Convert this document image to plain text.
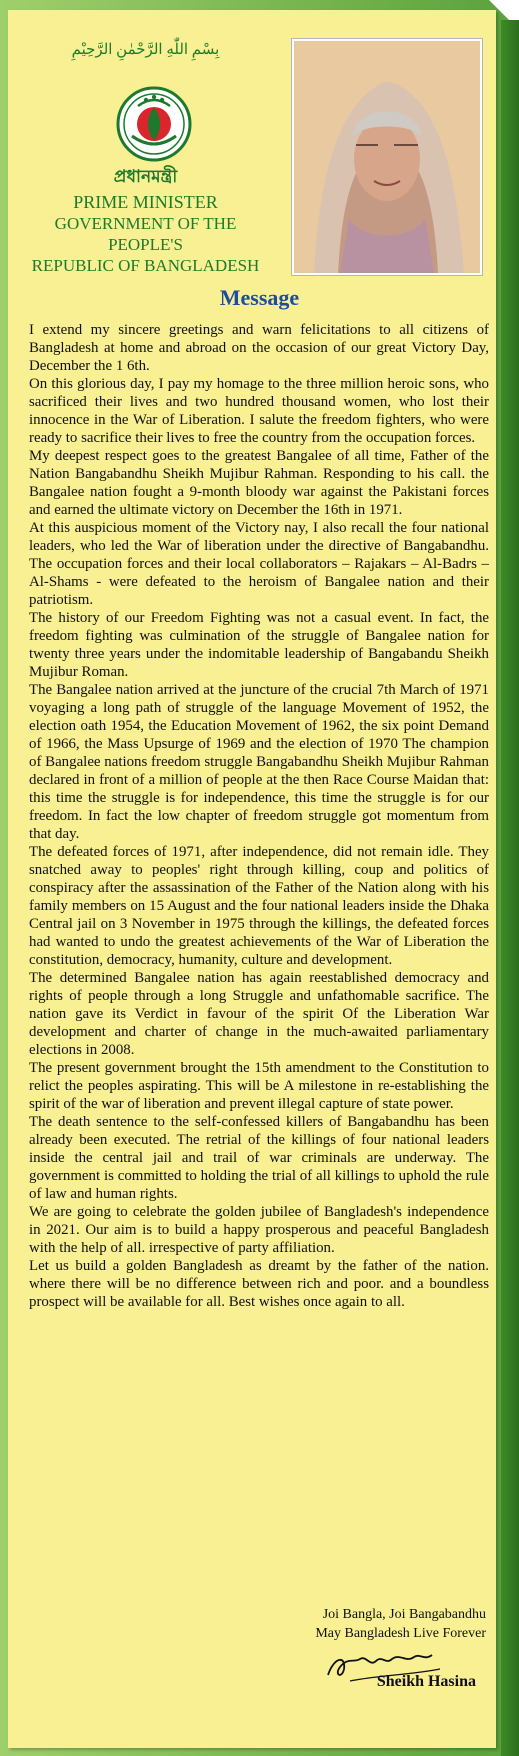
بِسْمِ اللّٰهِ الرَّحْمٰنِ الرَّحِيْمِ
প্রধানমন্ত্রী
PRIME MINISTER
GOVERNMENT OF THE PEOPLE'S
REPUBLIC OF BANGLADESH
Message

I extend my sincere greetings and warn felicitations to all citizens of Bangladesh at home and abroad on the occasion of our great Victory Day, December the 1 6th.

On this glorious day, I pay my homage to the three million heroic sons, who sacrificed their lives and two hundred thousand women, who lost their innocence in the War of Liberation. I salute the freedom fighters, who were ready to sacrifice their lives to free the country from the occupation forces.

My deepest respect goes to the greatest Bangalee of all time, Father of the Nation Bangabandhu Sheikh Mujibur Rahman. Responding to his call. the Bangalee nation fought a 9-month bloody war against the Pakistani forces and earned the ultimate victory on December the 16th in 1971.

At this auspicious moment of the Victory nay, I also recall the four national leaders, who led the War of liberation under the directive of Bangabandhu. The occupation forces and their local collaborators – Rajakars – Al-Badrs – Al-Shams - were defeated to the heroism of Bangalee nation and their patriotism.

The history of our Freedom Fighting was not a casual event. In fact, the freedom fighting was culmination of the struggle of Bangalee nation for twenty three years under the indomitable leadership of Bangabandu Sheikh Mujibur Roman.

The Bangalee nation arrived at the juncture of the crucial 7th March of 1971 voyaging a long path of struggle of the language Movement of 1952, the election oath 1954, the Education Movement of 1962, the six point Demand of 1966, the Mass Upsurge of 1969 and the election of 1970 The champion of Bangalee nations freedom struggle Bangabandhu Sheikh Mujibur Rahman declared in front of a million of people at the then Race Course Maidan that: this time the struggle is for independence, this time the struggle is for our freedom. In fact the low chapter of freedom struggle got momentum from that day.

The defeated forces of 1971, after independence, did not remain idle. They snatched away to peoples' right through killing, coup and politics of conspiracy after the assassination of the Father of the Nation along with his family members on 15 August and the four national leaders inside the Dhaka Central jail on 3 November in 1975 through the killings, the defeated forces had wanted to undo the greatest achievements of the War of Liberation the constitution, democracy, humanity, culture and development.

The determined Bangalee nation has again reestablished democracy and rights of people through a long Struggle and unfathomable sacrifice. The nation gave its Verdict in favour of the spirit Of the Liberation War development and charter of change in the much-awaited parliamentary elections in 2008.

The present government brought the 15th amendment to the Constitution to relict the peoples aspirating. This will be A milestone in re-establishing the spirit of the war of liberation and prevent illegal capture of state power.

The death sentence to the self-confessed killers of Bangabandhu has been already been executed. The retrial of the killings of four national leaders inside the central jail and trail of war criminals are underway. The government is committed to holding the trial of all killings to uphold the rule of law and human rights.

We are going to celebrate the golden jubilee of Bangladesh's independence in 2021. Our aim is to build a happy prosperous and peaceful Bangladesh with the help of all. irrespective of party affiliation.

Let us build a golden Bangladesh as dreamt by the father of the nation. where there will be no difference between rich and poor. and a boundless prospect will be available for all. Best wishes once again to all.

Joi Bangla, Joi Bangabandhu
May Bangladesh Live Forever
Sheikh Hasina
